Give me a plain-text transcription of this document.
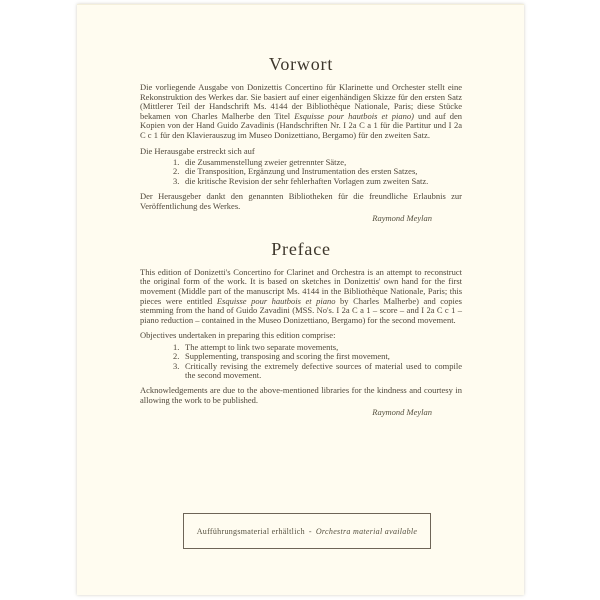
Vorwort

Die vorliegende Ausgabe von Donizettis Concertino für Klarinette und Orchester stellt eine Rekonstruktion des Werkes dar. Sie basiert auf einer eigenhändigen Skizze für den ersten Satz (Mittlerer Teil der Handschrift Ms. 4144 der Bibliothèque Nationale, Paris; diese Stücke bekamen von Charles Malherbe den Titel Esquisse pour hautbois et piano) und auf den Kopien von der Hand Guido Zavadinis (Handschriften Nr. I 2a C a 1 für die Partitur und I 2a C c 1 für den Klavierauszug im Museo Donizettiano, Bergamo) für den zweiten Satz.

Die Herausgabe erstreckt sich auf

1. die Zusammenstellung zweier getrennter Sätze,
2. die Transposition, Ergänzung und Instrumentation des ersten Satzes,
3. die kritische Revision der sehr fehlerhaften Vorlagen zum zweiten Satz.

Der Herausgeber dankt den genannten Bibliotheken für die freundliche Erlaubnis zur Veröffentlichung des Werkes.

Raymond Meylan

Preface

This edition of Donizetti's Concertino for Clarinet and Orchestra is an attempt to reconstruct the original form of the work. It is based on sketches in Donizettis' own hand for the first movement (Middle part of the manuscript Ms. 4144 in the Bibliothèque Nationale, Paris; this pieces were entitled Esquisse pour hautbois et piano by Charles Malherbe) and copies stemming from the hand of Guido Zavadini (MSS. No's. I 2a C a 1 – score – and I 2a C c 1 – piano reduction – contained in the Museo Donizettiano, Bergamo) for the second movement.

Objectives undertaken in preparing this edition comprise:

1. The attempt to link two separate movements,
2. Supplementing, transposing and scoring the first movement,
3. Critically revising the extremely defective sources of material used to compile the second movement.

Acknowledgements are due to the above-mentioned libraries for the kindness and courtesy in allowing the work to be published.

Raymond Meylan

Aufführungsmaterial erhältlich - Orchestra material available
